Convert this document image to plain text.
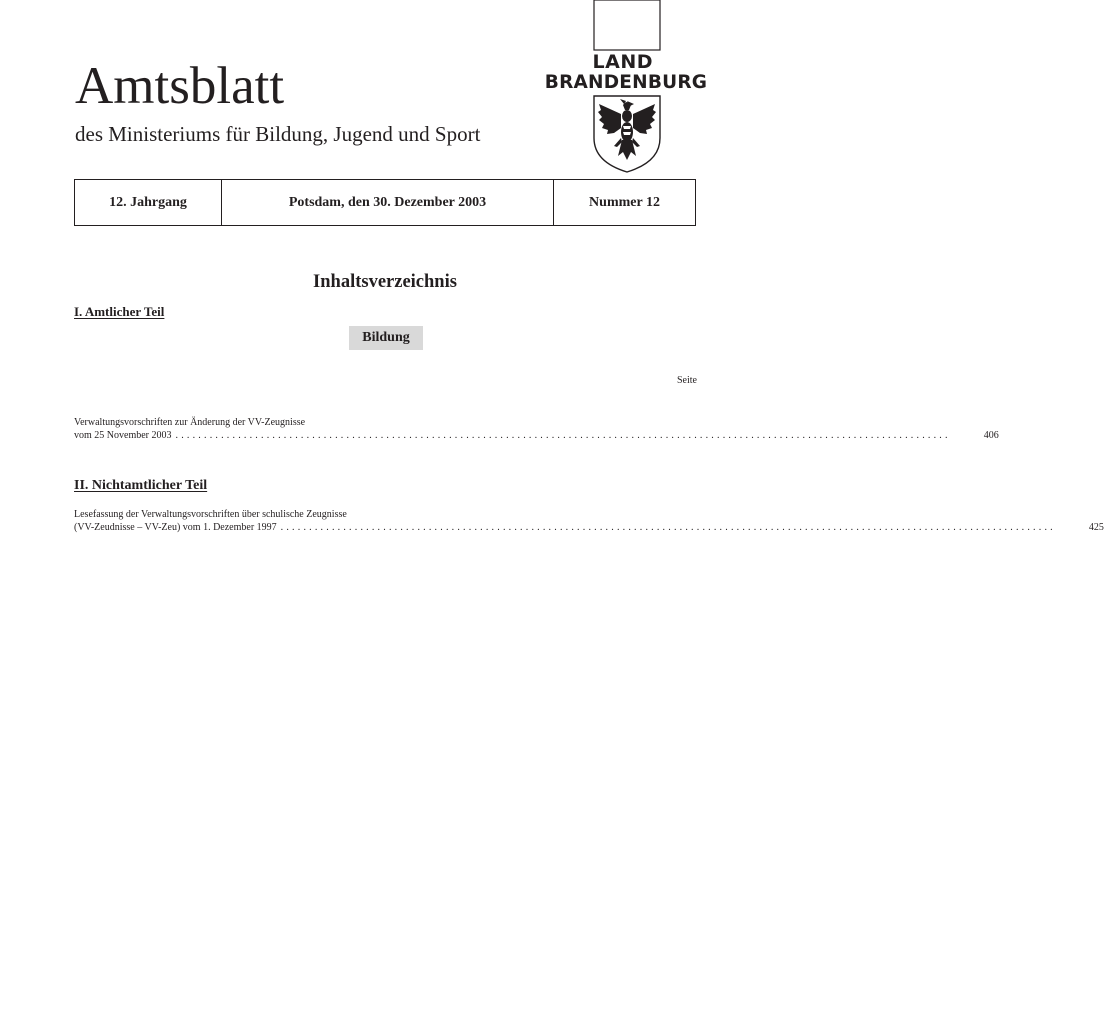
Amtsblatt
des Ministeriums für Bildung, Jugend und Sport
LAND
BRANDENBURG
12. Jahrgang	Potsdam, den 30. Dezember 2003	Nummer 12
Inhaltsverzeichnis
I. Amtlicher Teil
Bildung
Seite
Verwaltungsvorschriften zur Änderung der VV-Zeugnisse
vom 25 November 2003 ........................................................................................................................................	406
II. Nichtamtlicher Teil
Lesefassung der Verwaltungsvorschriften über schulische Zeugnisse
(VV-Zeudnisse – VV-Zeu) vom 1. Dezember 1997 ........................................................................................................................................	425
